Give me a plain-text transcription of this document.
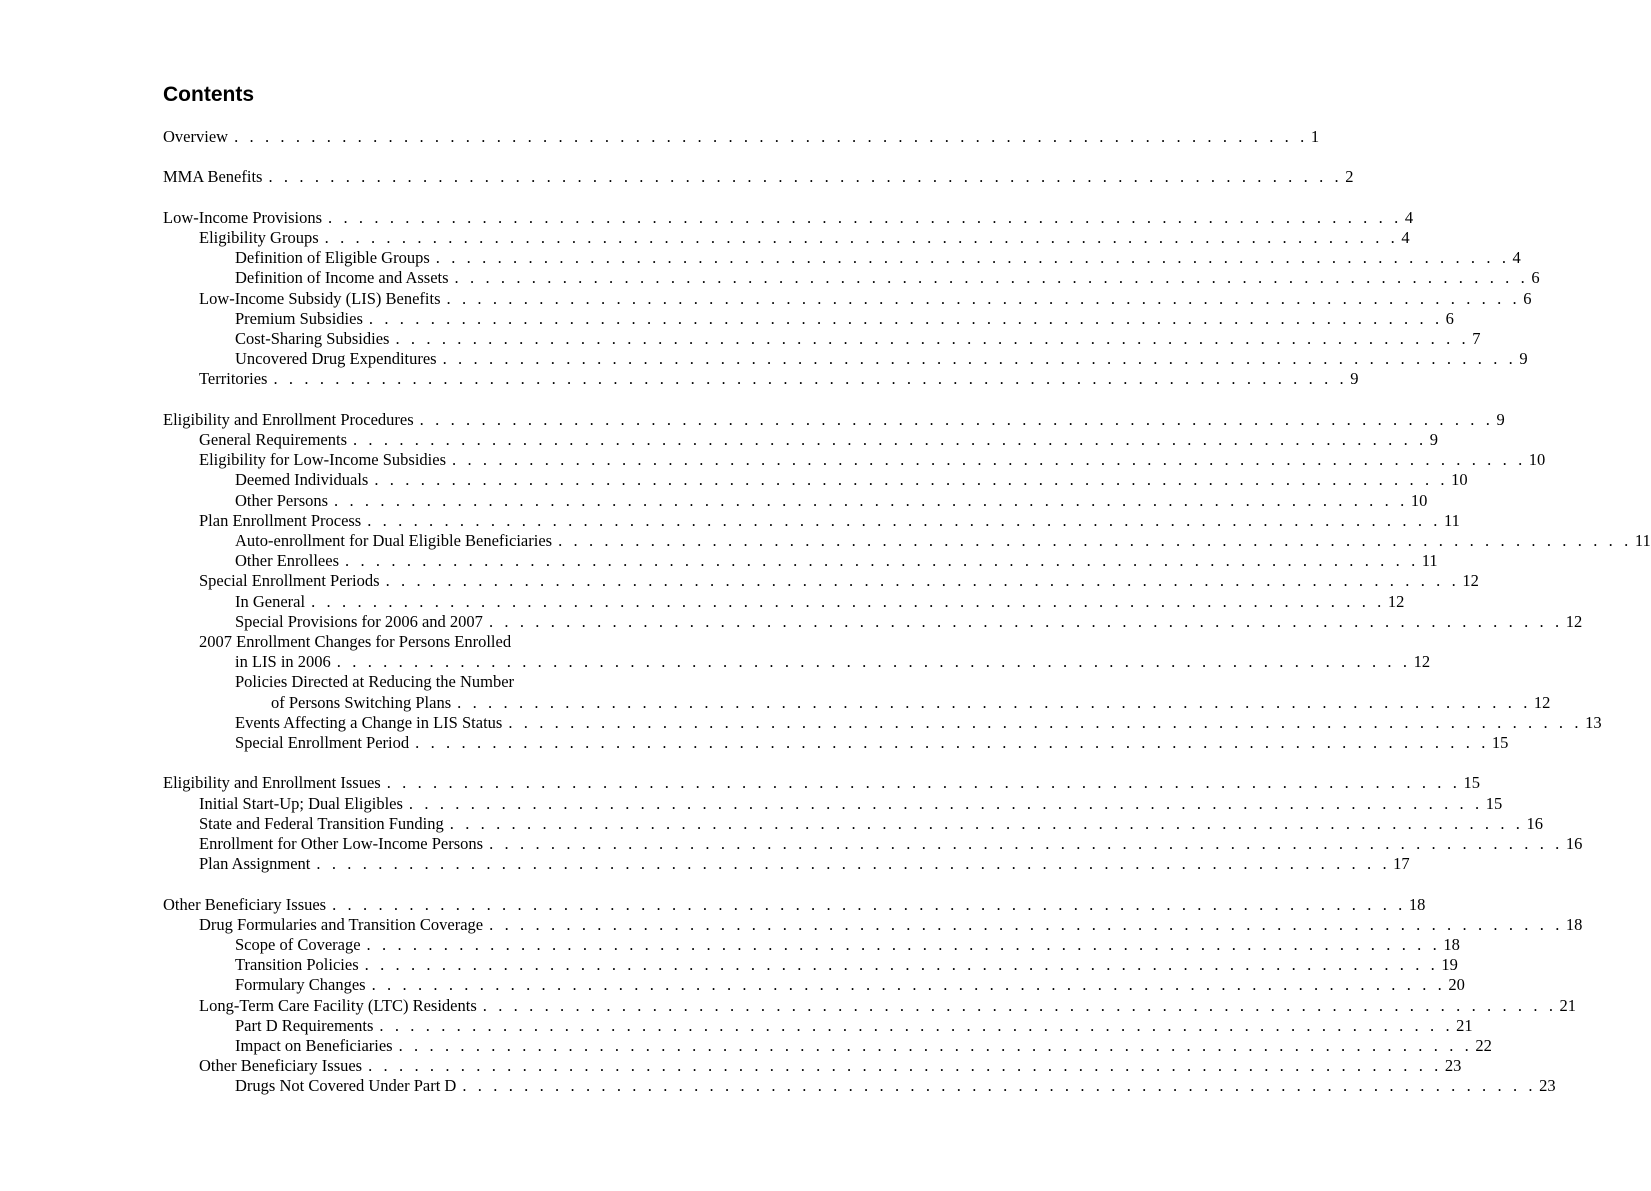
Contents
Overview . . . . . . . . . . . . . . . . . . . . . . . . . . . . . . . . . . . . . . . . . . . . . . . . . . . . . . . . . . . . . . . . . . . . . . 1
MMA Benefits . . . . . . . . . . . . . . . . . . . . . . . . . . . . . . . . . . . . . . . . . . . . . . . . . . . . . . . . . . . . . . . . . . . . . . 2
Low-Income Provisions . . . . . . . . . . . . . . . . . . . . . . . . . . . . . . . . . . . . . . . . . . . . . . . . . . . . . . . . . . . . . . . . . . . . . . 4
Eligibility Groups . . . . . . . . . . . . . . . . . . . . . . . . . . . . . . . . . . . . . . . . . . . . . . . . . . . . . . . . . . . . . . . . . . . . . . 4
Definition of Eligible Groups . . . . . . . . . . . . . . . . . . . . . . . . . . . . . . . . . . . . . . . . . . . . . . . . . . . . . . . . . . . . . . . . . . . . . . 4
Definition of Income and Assets . . . . . . . . . . . . . . . . . . . . . . . . . . . . . . . . . . . . . . . . . . . . . . . . . . . . . . . . . . . . . . . . . . . . . . 6
Low-Income Subsidy (LIS) Benefits . . . . . . . . . . . . . . . . . . . . . . . . . . . . . . . . . . . . . . . . . . . . . . . . . . . . . . . . . . . . . . . . . . . . . . 6
Premium Subsidies . . . . . . . . . . . . . . . . . . . . . . . . . . . . . . . . . . . . . . . . . . . . . . . . . . . . . . . . . . . . . . . . . . . . . . 6
Cost-Sharing Subsidies . . . . . . . . . . . . . . . . . . . . . . . . . . . . . . . . . . . . . . . . . . . . . . . . . . . . . . . . . . . . . . . . . . . . . . 7
Uncovered Drug Expenditures . . . . . . . . . . . . . . . . . . . . . . . . . . . . . . . . . . . . . . . . . . . . . . . . . . . . . . . . . . . . . . . . . . . . . . 9
Territories . . . . . . . . . . . . . . . . . . . . . . . . . . . . . . . . . . . . . . . . . . . . . . . . . . . . . . . . . . . . . . . . . . . . . . 9
Eligibility and Enrollment Procedures . . . . . . . . . . . . . . . . . . . . . . . . . . . . . . . . . . . . . . . . . . . . . . . . . . . . . . . . . . . . . . . . . . . . . . 9
General Requirements . . . . . . . . . . . . . . . . . . . . . . . . . . . . . . . . . . . . . . . . . . . . . . . . . . . . . . . . . . . . . . . . . . . . . . 9
Eligibility for Low-Income Subsidies . . . . . . . . . . . . . . . . . . . . . . . . . . . . . . . . . . . . . . . . . . . . . . . . . . . . . . . . . . . . . . . . . . . . . . 10
Deemed Individuals . . . . . . . . . . . . . . . . . . . . . . . . . . . . . . . . . . . . . . . . . . . . . . . . . . . . . . . . . . . . . . . . . . . . . . 10
Other Persons . . . . . . . . . . . . . . . . . . . . . . . . . . . . . . . . . . . . . . . . . . . . . . . . . . . . . . . . . . . . . . . . . . . . . . 10
Plan Enrollment Process . . . . . . . . . . . . . . . . . . . . . . . . . . . . . . . . . . . . . . . . . . . . . . . . . . . . . . . . . . . . . . . . . . . . . . 11
Auto-enrollment for Dual Eligible Beneficiaries . . . . . . . . . . . . . . . . . . . . . . . . . . . . . . . . . . . . . . . . . . . . . . . . . . . . . . . . . . . . . . . . . . . . . . 11
Other Enrollees . . . . . . . . . . . . . . . . . . . . . . . . . . . . . . . . . . . . . . . . . . . . . . . . . . . . . . . . . . . . . . . . . . . . . . 11
Special Enrollment Periods . . . . . . . . . . . . . . . . . . . . . . . . . . . . . . . . . . . . . . . . . . . . . . . . . . . . . . . . . . . . . . . . . . . . . . 12
In General . . . . . . . . . . . . . . . . . . . . . . . . . . . . . . . . . . . . . . . . . . . . . . . . . . . . . . . . . . . . . . . . . . . . . . 12
Special Provisions for 2006 and 2007 . . . . . . . . . . . . . . . . . . . . . . . . . . . . . . . . . . . . . . . . . . . . . . . . . . . . . . . . . . . . . . . . . . . . . . 12
2007 Enrollment Changes for Persons Enrolled
in LIS in 2006 . . . . . . . . . . . . . . . . . . . . . . . . . . . . . . . . . . . . . . . . . . . . . . . . . . . . . . . . . . . . . . . . . . . . . . 12
Policies Directed at Reducing the Number
of Persons Switching Plans . . . . . . . . . . . . . . . . . . . . . . . . . . . . . . . . . . . . . . . . . . . . . . . . . . . . . . . . . . . . . . . . . . . . . . 12
Events Affecting a Change in LIS Status . . . . . . . . . . . . . . . . . . . . . . . . . . . . . . . . . . . . . . . . . . . . . . . . . . . . . . . . . . . . . . . . . . . . . . 13
Special Enrollment Period . . . . . . . . . . . . . . . . . . . . . . . . . . . . . . . . . . . . . . . . . . . . . . . . . . . . . . . . . . . . . . . . . . . . . . 15
Eligibility and Enrollment Issues . . . . . . . . . . . . . . . . . . . . . . . . . . . . . . . . . . . . . . . . . . . . . . . . . . . . . . . . . . . . . . . . . . . . . . 15
Initial Start-Up; Dual Eligibles . . . . . . . . . . . . . . . . . . . . . . . . . . . . . . . . . . . . . . . . . . . . . . . . . . . . . . . . . . . . . . . . . . . . . . 15
State and Federal Transition Funding . . . . . . . . . . . . . . . . . . . . . . . . . . . . . . . . . . . . . . . . . . . . . . . . . . . . . . . . . . . . . . . . . . . . . . 16
Enrollment for Other Low-Income Persons . . . . . . . . . . . . . . . . . . . . . . . . . . . . . . . . . . . . . . . . . . . . . . . . . . . . . . . . . . . . . . . . . . . . . . 16
Plan Assignment . . . . . . . . . . . . . . . . . . . . . . . . . . . . . . . . . . . . . . . . . . . . . . . . . . . . . . . . . . . . . . . . . . . . . . 17
Other Beneficiary Issues . . . . . . . . . . . . . . . . . . . . . . . . . . . . . . . . . . . . . . . . . . . . . . . . . . . . . . . . . . . . . . . . . . . . . . 18
Drug Formularies and Transition Coverage . . . . . . . . . . . . . . . . . . . . . . . . . . . . . . . . . . . . . . . . . . . . . . . . . . . . . . . . . . . . . . . . . . . . . . 18
Scope of Coverage . . . . . . . . . . . . . . . . . . . . . . . . . . . . . . . . . . . . . . . . . . . . . . . . . . . . . . . . . . . . . . . . . . . . . . 18
Transition Policies . . . . . . . . . . . . . . . . . . . . . . . . . . . . . . . . . . . . . . . . . . . . . . . . . . . . . . . . . . . . . . . . . . . . . . 19
Formulary Changes . . . . . . . . . . . . . . . . . . . . . . . . . . . . . . . . . . . . . . . . . . . . . . . . . . . . . . . . . . . . . . . . . . . . . . 20
Long-Term Care Facility (LTC) Residents . . . . . . . . . . . . . . . . . . . . . . . . . . . . . . . . . . . . . . . . . . . . . . . . . . . . . . . . . . . . . . . . . . . . . . 21
Part D Requirements . . . . . . . . . . . . . . . . . . . . . . . . . . . . . . . . . . . . . . . . . . . . . . . . . . . . . . . . . . . . . . . . . . . . . . 21
Impact on Beneficiaries . . . . . . . . . . . . . . . . . . . . . . . . . . . . . . . . . . . . . . . . . . . . . . . . . . . . . . . . . . . . . . . . . . . . . . 22
Other Beneficiary Issues . . . . . . . . . . . . . . . . . . . . . . . . . . . . . . . . . . . . . . . . . . . . . . . . . . . . . . . . . . . . . . . . . . . . . . 23
Drugs Not Covered Under Part D . . . . . . . . . . . . . . . . . . . . . . . . . . . . . . . . . . . . . . . . . . . . . . . . . . . . . . . . . . . . . . . . . . . . . . 23
